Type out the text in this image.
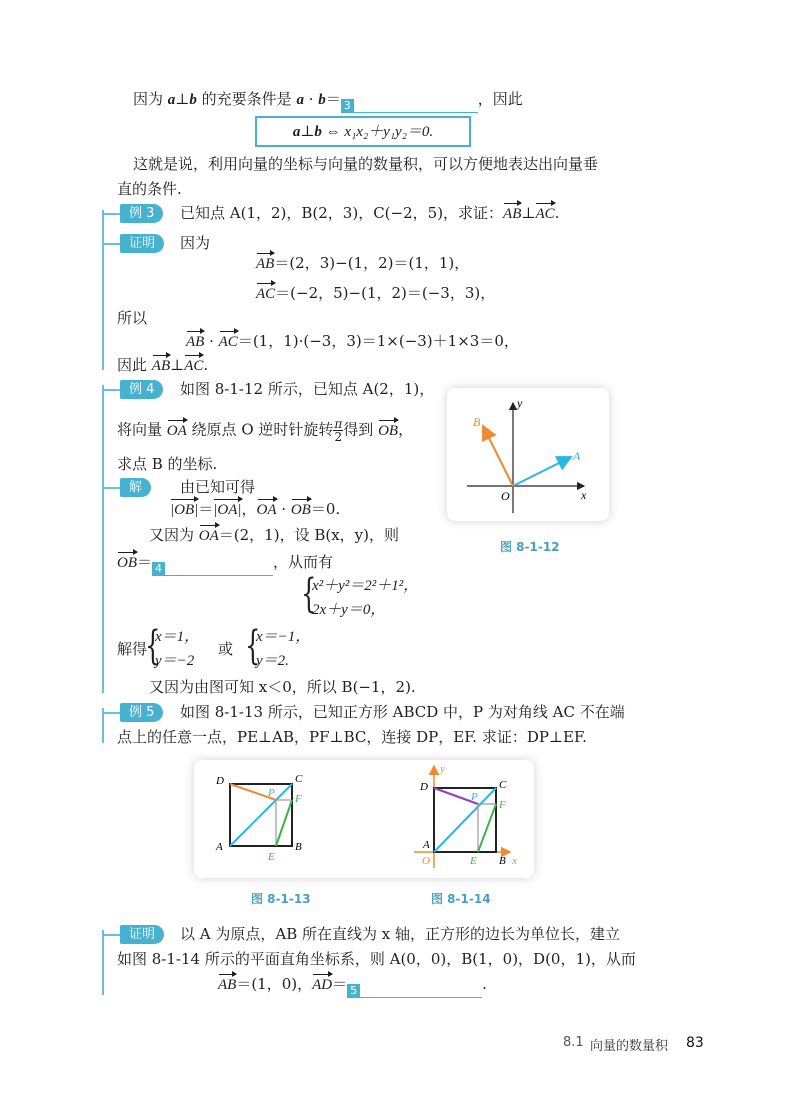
因为 a⊥b 的充要条件是 a · b＝ 3	，因此
a⊥b ⇔ x₁x₂＋y₁y₂＝0.
这就是说，利用向量的坐标与向量的数量积，可以方便地表达出向量垂
直的条件.
例 3	已知点 A(1，2)，B(2，3)，C(−2，5)，求证：AB⊥AC.
证明	因为
AB＝(2，3)−(1，2)＝(1，1)，
AC＝(−2，5)−(1，2)＝(−3，3)，
所以
AB · AC＝(1，1)·(−3，3)＝1×(−3)＋1×3＝0，
因此 AB⊥AC.
例 4	如图 8-1-12 所示，已知点 A(2，1)，
将向量 OA 绕原点 O 逆时针旋转 $\frac{\pi}{2}$ 得到 OB，
求点 B 的坐标.
解	由已知可得
|OB|＝|OA|，OA · OB＝0.
又因为 OA＝(2，1)，设 B(x，y)，则
OB＝ 4	，从而有
{
x²＋y²＝2²＋1²，
2x＋y＝0，
解得
{
x＝1，
y＝−2
或 {
x＝−1，
y＝2.
又因为由图可知 x＜0，所以 B(−1，2).
y
x
O
A
B
图 8-1-12
例 5	如图 8-1-13 所示，已知正方形 ABCD 中，P 为对角线 AC 不在端
点上的任意一点，PE⊥AB，PF⊥BC，连接 DP，EF. 求证：DP⊥EF.
D	C
P F
A	B
E
y
x
D	C
P
F
A
B
E
O
图 8-1-13	图 8-1-14
证明	以 A 为原点，AB 所在直线为 x 轴，正方形的边长为单位长，建立
如图 8-1-14 所示的平面直角坐标系，则 A(0，0)，B(1，0)，D(0，1)，从而
AB＝(1，0)，AD＝ 5	.
8.1 向量的数量积 83
